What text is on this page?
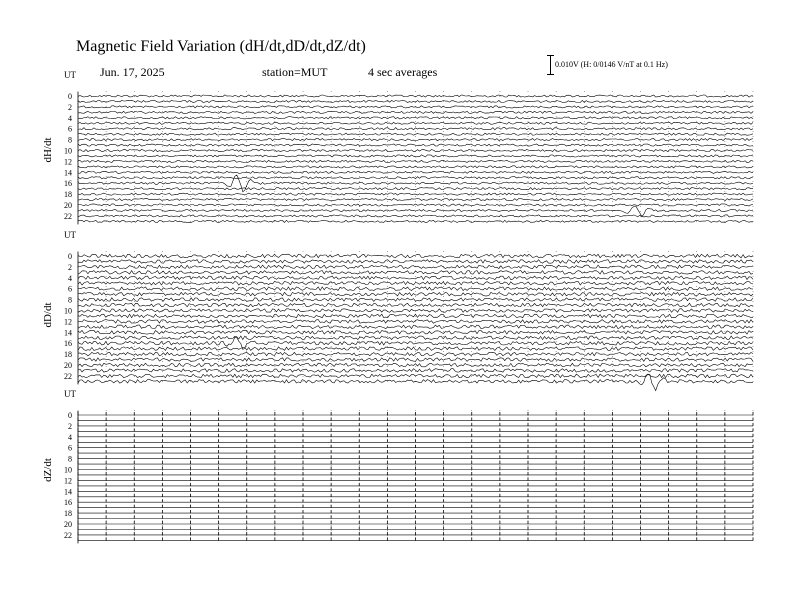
Magnetic Field Variation (dH/dt,dD/dt,dZ/dt)
Jun. 17, 2025	station=MUT	4 sec averages
0.010V (H: 0/0146 V/nT at 0.1 Hz)
UT
dH/dt
0
2
4
6
8
10
12
14
16
18
20
22
UT
dD/dt
0
2
4
6
8
10
12
14
16
18
20
22
UT
dZ/dt
0
2
4
6
8
10
12
14
16
18
20
22
